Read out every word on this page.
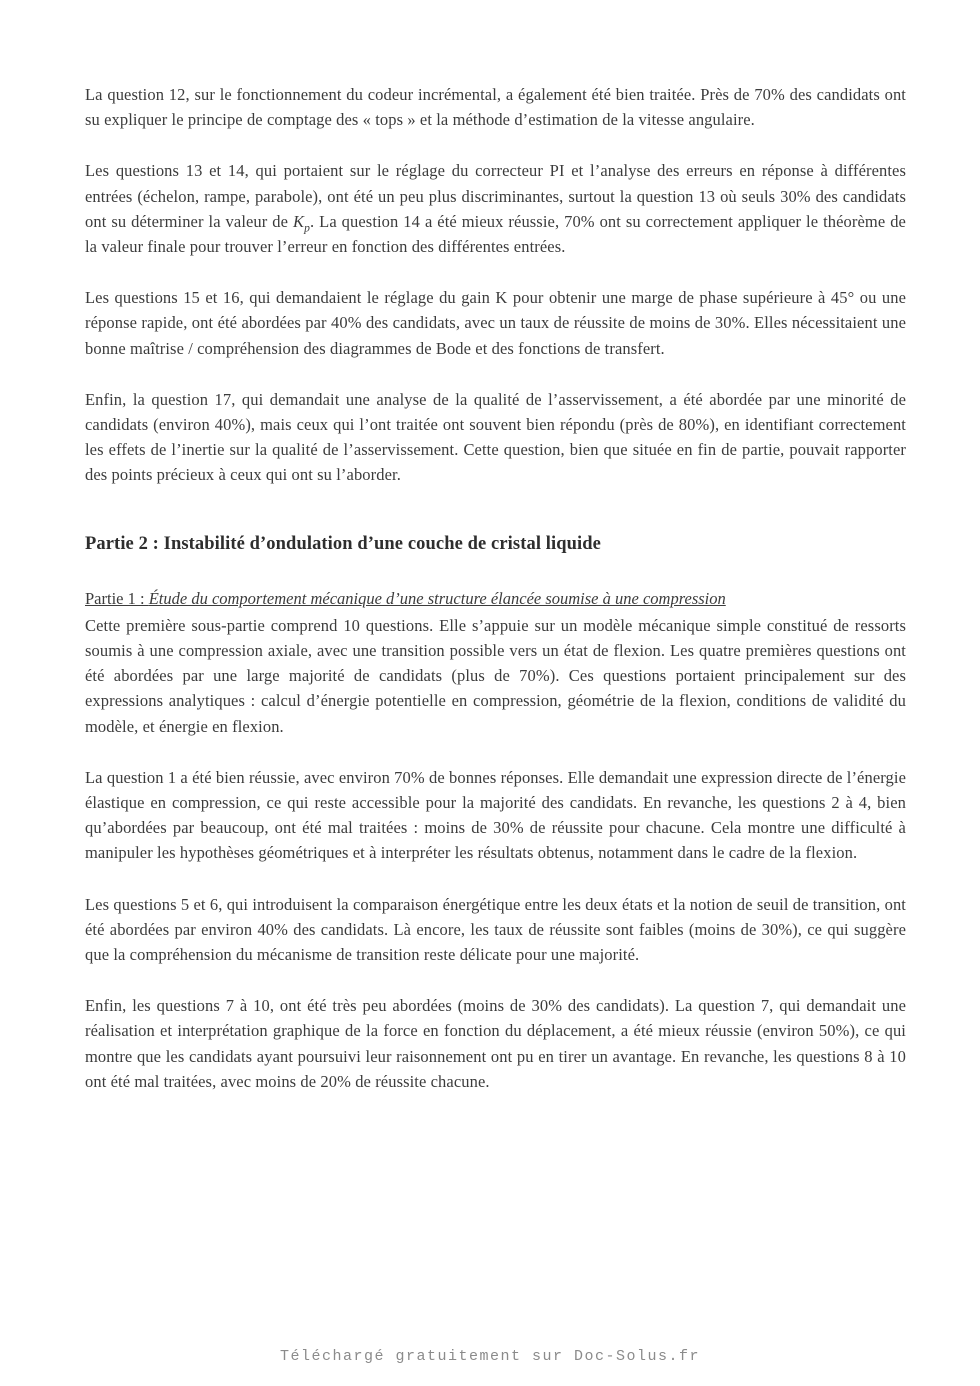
La question 12, sur le fonctionnement du codeur incrémental, a également été bien traitée. Près de 70% des candidats ont su expliquer le principe de comptage des « tops » et la méthode d’estimation de la vitesse angulaire.

Les questions 13 et 14, qui portaient sur le réglage du correcteur PI et l’analyse des erreurs en réponse à différentes entrées (échelon, rampe, parabole), ont été un peu plus discriminantes, surtout la question 13 où seuls 30% des candidats ont su déterminer la valeur de $K_p$. La question 14 a été mieux réussie, 70% ont su correctement appliquer le théorème de la valeur finale pour trouver l’erreur en fonction des différentes entrées.

Les questions 15 et 16, qui demandaient le réglage du gain K pour obtenir une marge de phase supérieure à 45° ou une réponse rapide, ont été abordées par 40% des candidats, avec un taux de réussite de moins de 30%. Elles nécessitaient une bonne maîtrise / compréhension des diagrammes de Bode et des fonctions de transfert.

Enfin, la question 17, qui demandait une analyse de la qualité de l’asservissement, a été abordée par une minorité de candidats (environ 40%), mais ceux qui l’ont traitée ont souvent bien répondu (près de 80%), en identifiant correctement les effets de l’inertie sur la qualité de l’asservissement. Cette question, bien que située en fin de partie, pouvait rapporter des points précieux à ceux qui ont su l’aborder.

Partie 2 : Instabilité d’ondulation d’une couche de cristal liquide

Partie 1 : Étude du comportement mécanique d’une structure élancée soumise à une compression

Cette première sous-partie comprend 10 questions. Elle s’appuie sur un modèle mécanique simple constitué de ressorts soumis à une compression axiale, avec une transition possible vers un état de flexion. Les quatre premières questions ont été abordées par une large majorité de candidats (plus de 70%). Ces questions portaient principalement sur des expressions analytiques : calcul d’énergie potentielle en compression, géométrie de la flexion, conditions de validité du modèle, et énergie en flexion.

La question 1 a été bien réussie, avec environ 70% de bonnes réponses. Elle demandait une expression directe de l’énergie élastique en compression, ce qui reste accessible pour la majorité des candidats. En revanche, les questions 2 à 4, bien qu’abordées par beaucoup, ont été mal traitées : moins de 30% de réussite pour chacune. Cela montre une difficulté à manipuler les hypothèses géométriques et à interpréter les résultats obtenus, notamment dans le cadre de la flexion.

Les questions 5 et 6, qui introduisent la comparaison énergétique entre les deux états et la notion de seuil de transition, ont été abordées par environ 40% des candidats. Là encore, les taux de réussite sont faibles (moins de 30%), ce qui suggère que la compréhension du mécanisme de transition reste délicate pour une majorité.

Enfin, les questions 7 à 10, ont été très peu abordées (moins de 30% des candidats). La question 7, qui demandait une réalisation et interprétation graphique de la force en fonction du déplacement, a été mieux réussie (environ 50%), ce qui montre que les candidats ayant poursuivi leur raisonnement ont pu en tirer un avantage. En revanche, les questions 8 à 10 ont été mal traitées, avec moins de 20% de réussite chacune.

Téléchargé gratuitement sur Doc-Solus.fr
